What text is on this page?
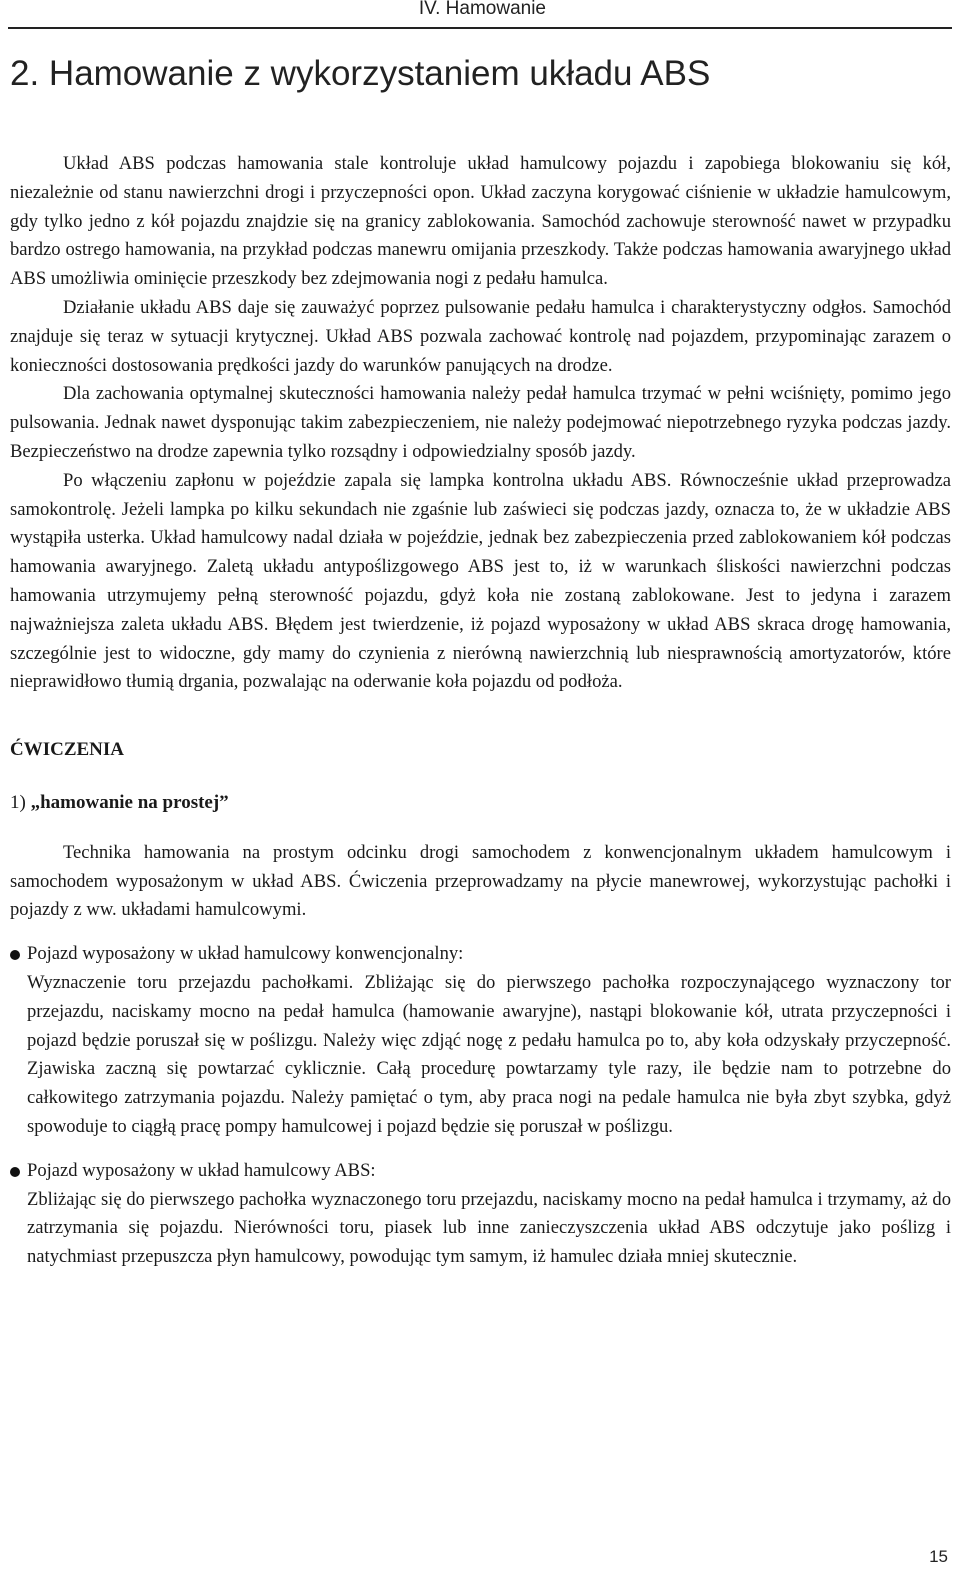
IV. Hamowanie
2. Hamowanie z wykorzystaniem układu ABS

Układ ABS podczas hamowania stale kontroluje układ hamulcowy pojazdu i zapobiega blokowaniu się kół, niezależnie od stanu nawierzchni drogi i przyczepności opon. Układ zaczyna korygować ciśnienie w układzie hamulcowym, gdy tylko jedno z kół pojazdu znajdzie się na granicy zablokowania. Samochód zachowuje sterowność nawet w przypadku bardzo ostrego hamowania, na przykład podczas manewru omijania przeszkody. Także podczas hamowania awaryjnego układ ABS umożliwia ominięcie przeszkody bez zdejmowania nogi z pedału hamulca.

Działanie układu ABS daje się zauważyć poprzez pulsowanie pedału hamulca i charakterystyczny odgłos. Samochód znajduje się teraz w sytuacji krytycznej. Układ ABS pozwala zachować kontrolę nad pojazdem, przypominając zarazem o konieczności dostosowania prędkości jazdy do warunków panujących na drodze.

Dla zachowania optymalnej skuteczności hamowania należy pedał hamulca trzymać w pełni wciśnięty, pomimo jego pulsowania. Jednak nawet dysponując takim zabezpieczeniem, nie należy podejmować niepotrzebnego ryzyka podczas jazdy. Bezpieczeństwo na drodze zapewnia tylko rozsądny i odpowiedzialny sposób jazdy.

Po włączeniu zapłonu w pojeździe zapala się lampka kontrolna układu ABS. Równocześnie układ przeprowadza samokontrolę. Jeżeli lampka po kilku sekundach nie zgaśnie lub zaświeci się podczas jazdy, oznacza to, że w układzie ABS wystąpiła usterka. Układ hamulcowy nadal działa w pojeździe, jednak bez zabezpieczenia przed zablokowaniem kół podczas hamowania awaryjnego. Zaletą układu antypoślizgowego ABS jest to, iż w warunkach śliskości nawierzchni podczas hamowania utrzymujemy pełną sterowność pojazdu, gdyż koła nie zostaną zablokowane. Jest to jedyna i zarazem najważniejsza zaleta układu ABS. Błędem jest twierdzenie, iż pojazd wyposażony w układ ABS skraca drogę hamowania, szczególnie jest to widoczne, gdy mamy do czynienia z nierówną nawierzchnią lub niesprawnością amortyzatorów, które nieprawidłowo tłumią drgania, pozwalając na oderwanie koła pojazdu od podłoża.

ĆWICZENIA
1) „hamowanie na prostej”

Technika hamowania na prostym odcinku drogi samochodem z konwencjonalnym układem hamulcowym i samochodem wyposażonym w układ ABS. Ćwiczenia przeprowadzamy na płycie manewrowej, wykorzystując pachołki i pojazdy z ww. układami hamulcowymi.

Pojazd wyposażony w układ hamulcowy konwencjonalny:
Wyznaczenie toru przejazdu pachołkami. Zbliżając się do pierwszego pachołka rozpoczynającego wyznaczony tor przejazdu, naciskamy mocno na pedał hamulca (hamowanie awaryjne), nastąpi blokowanie kół, utrata przyczepności i pojazd będzie poruszał się w poślizgu. Należy więc zdjąć nogę z pedału hamulca po to, aby koła odzyskały przyczepność. Zjawiska zaczną się powtarzać cyklicznie. Całą procedurę powtarzamy tyle razy, ile będzie nam to potrzebne do całkowitego zatrzymania pojazdu. Należy pamiętać o tym, aby praca nogi na pedale hamulca nie była zbyt szybka, gdyż spowoduje to ciągłą pracę pompy hamulcowej i pojazd będzie się poruszał w poślizgu.

Pojazd wyposażony w układ hamulcowy ABS:
Zbliżając się do pierwszego pachołka wyznaczonego toru przejazdu, naciskamy mocno na pedał hamulca i trzymamy, aż do zatrzymania się pojazdu. Nierówności toru, piasek lub inne zanieczyszczenia układ ABS odczytuje jako poślizg i natychmiast przepuszcza płyn hamulcowy, powodując tym samym, iż hamulec działa mniej skutecznie.

15
